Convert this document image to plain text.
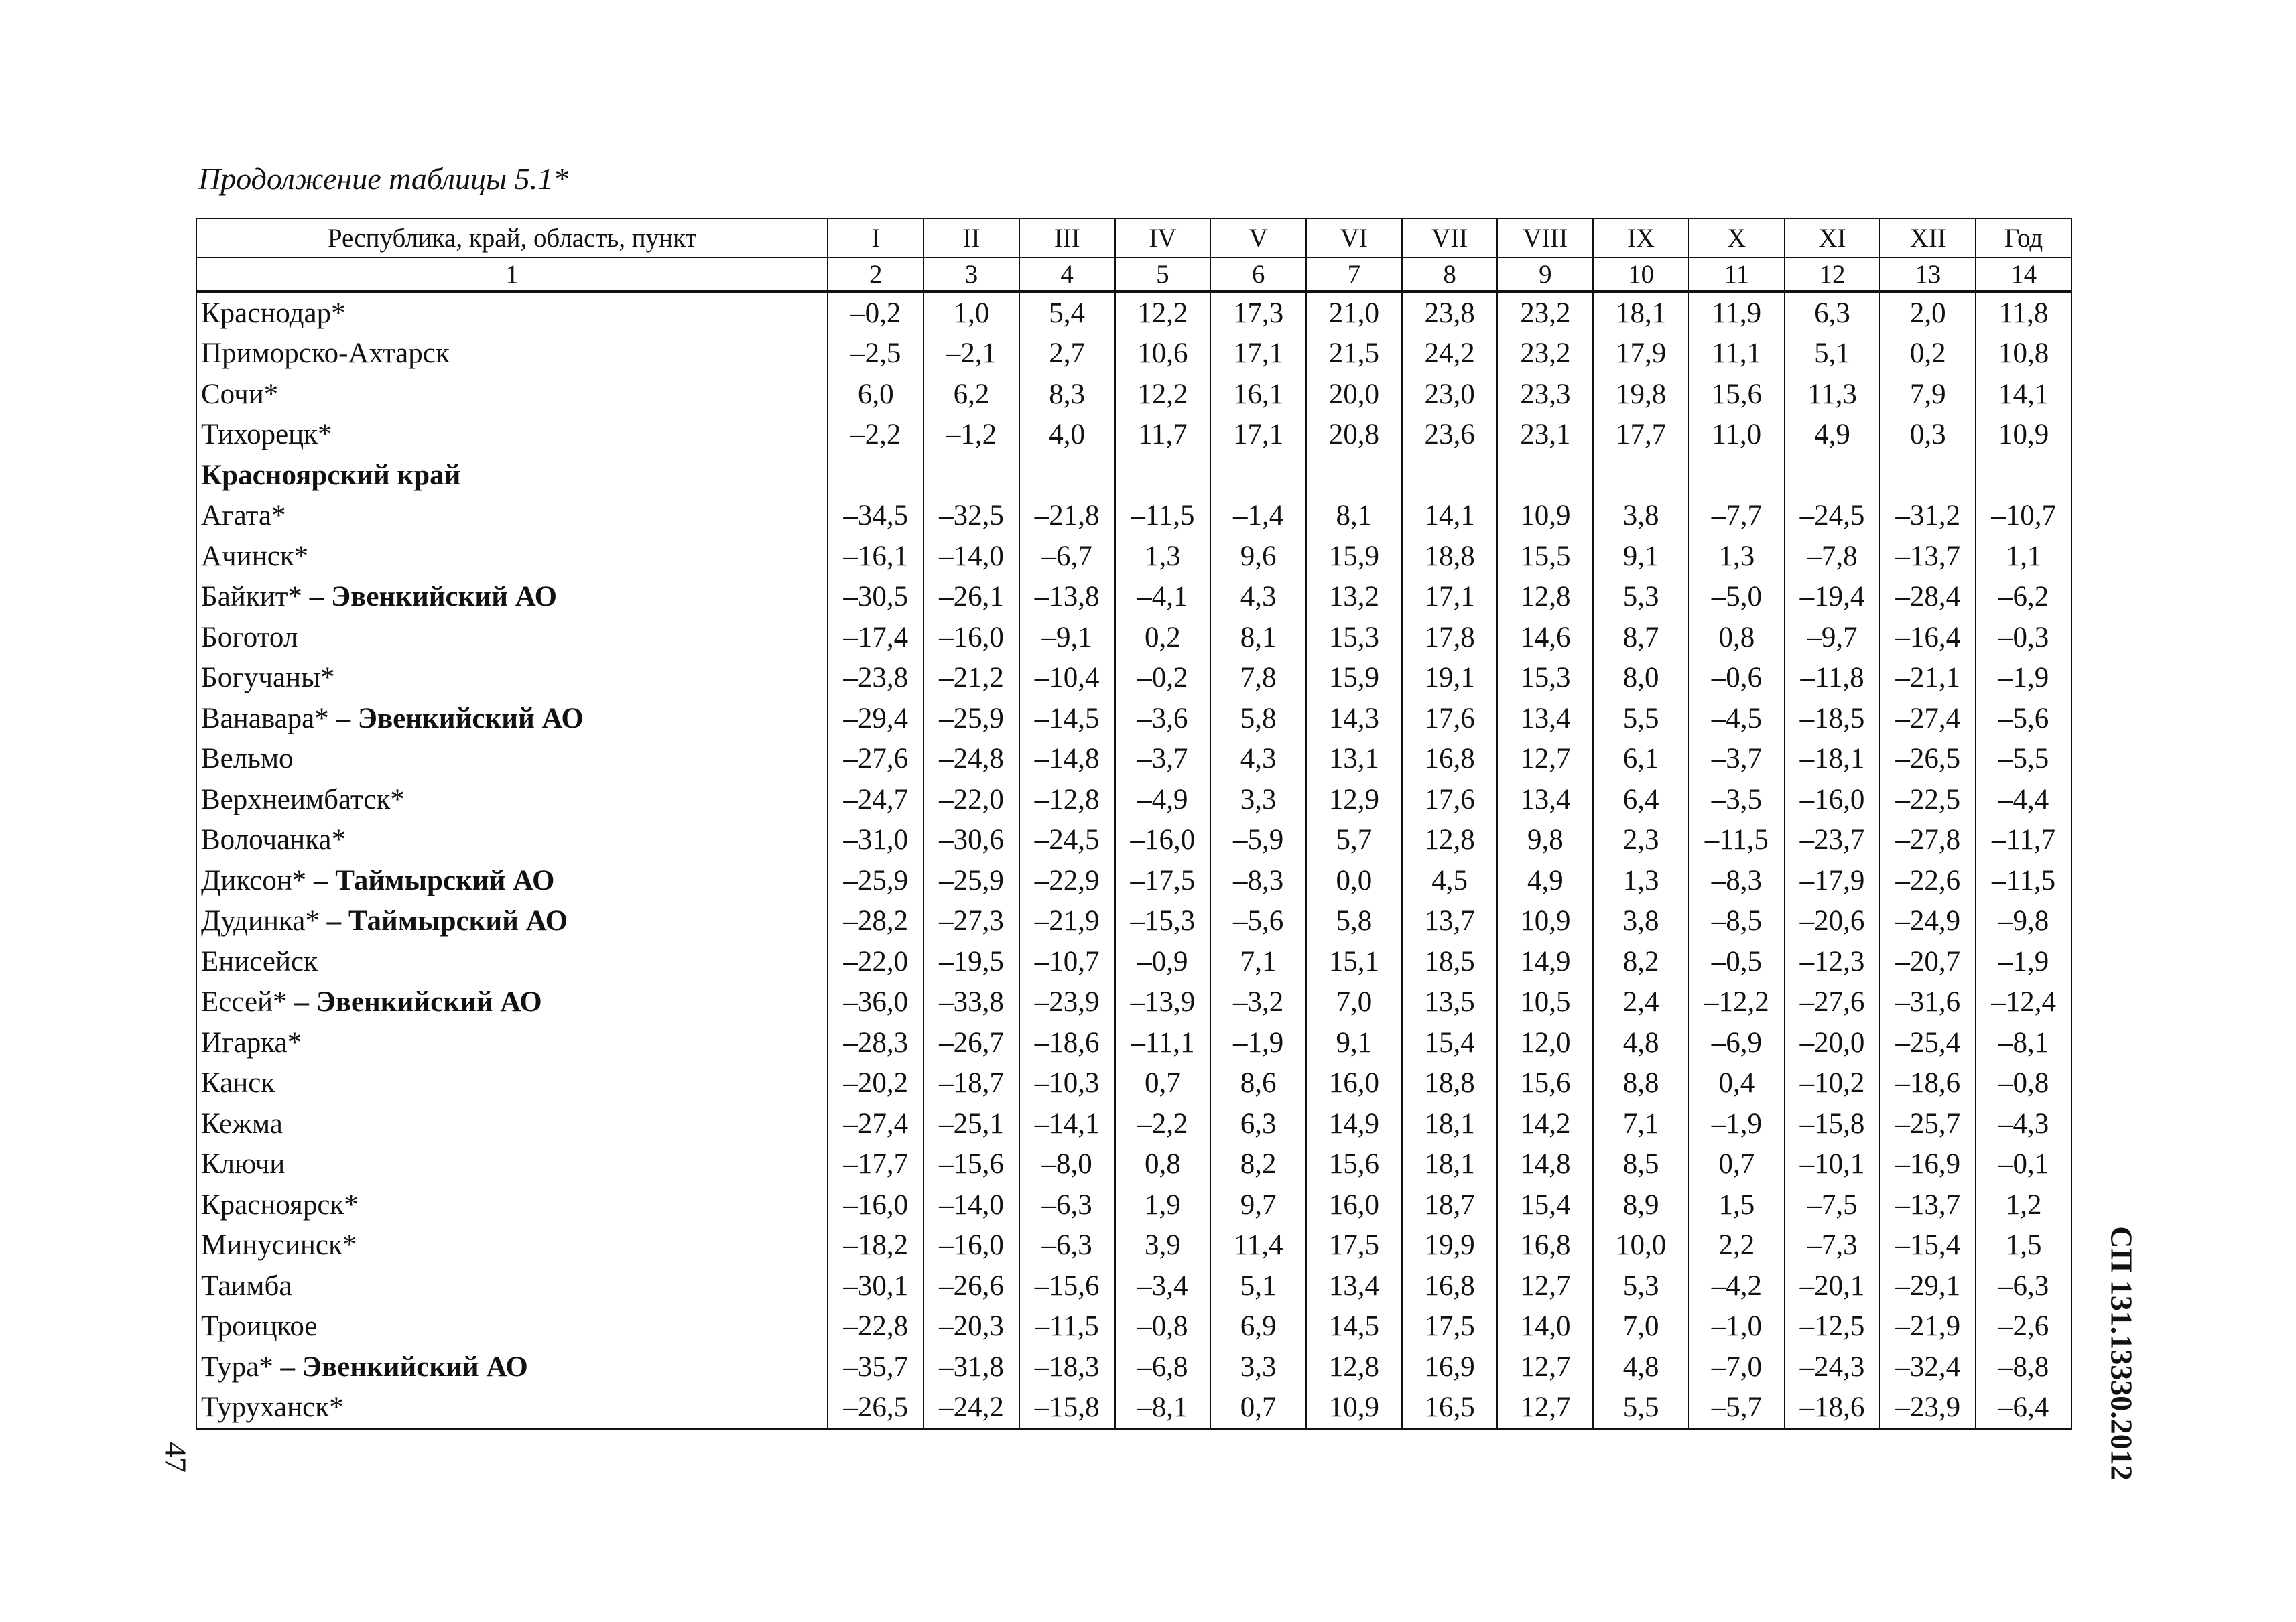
Продолжение таблицы 5.1*

Республика, край, область, пункт	I	II	III	IV	V	VI	VII	VIII	IX	X	XI	XII	Год
1	2	3	4	5	6	7	8	9	10	11	12	13	14
Краснодар*	–0,2	1,0	5,4	12,2	17,3	21,0	23,8	23,2	18,1	11,9	6,3	2,0	11,8
Приморско-Ахтарск	–2,5	–2,1	2,7	10,6	17,1	21,5	24,2	23,2	17,9	11,1	5,1	0,2	10,8
Сочи*	6,0	6,2	8,3	12,2	16,1	20,0	23,0	23,3	19,8	15,6	11,3	7,9	14,1
Тихорецк*	–2,2	–1,2	4,0	11,7	17,1	20,8	23,6	23,1	17,7	11,0	4,9	0,3	10,9
Красноярский край													
Агата*	–34,5	–32,5	–21,8	–11,5	–1,4	8,1	14,1	10,9	3,8	–7,7	–24,5	–31,2	–10,7
Ачинск*	–16,1	–14,0	–6,7	1,3	9,6	15,9	18,8	15,5	9,1	1,3	–7,8	–13,7	1,1
Байкит* – Эвенкийский АО	–30,5	–26,1	–13,8	–4,1	4,3	13,2	17,1	12,8	5,3	–5,0	–19,4	–28,4	–6,2
Боготол	–17,4	–16,0	–9,1	0,2	8,1	15,3	17,8	14,6	8,7	0,8	–9,7	–16,4	–0,3
Богучаны*	–23,8	–21,2	–10,4	–0,2	7,8	15,9	19,1	15,3	8,0	–0,6	–11,8	–21,1	–1,9
Ванавара* – Эвенкийский АО	–29,4	–25,9	–14,5	–3,6	5,8	14,3	17,6	13,4	5,5	–4,5	–18,5	–27,4	–5,6
Вельмо	–27,6	–24,8	–14,8	–3,7	4,3	13,1	16,8	12,7	6,1	–3,7	–18,1	–26,5	–5,5
Верхнеимбатск*	–24,7	–22,0	–12,8	–4,9	3,3	12,9	17,6	13,4	6,4	–3,5	–16,0	–22,5	–4,4
Волочанка*	–31,0	–30,6	–24,5	–16,0	–5,9	5,7	12,8	9,8	2,3	–11,5	–23,7	–27,8	–11,7
Диксон* – Таймырский АО	–25,9	–25,9	–22,9	–17,5	–8,3	0,0	4,5	4,9	1,3	–8,3	–17,9	–22,6	–11,5
Дудинка* – Таймырский АО	–28,2	–27,3	–21,9	–15,3	–5,6	5,8	13,7	10,9	3,8	–8,5	–20,6	–24,9	–9,8
Енисейск	–22,0	–19,5	–10,7	–0,9	7,1	15,1	18,5	14,9	8,2	–0,5	–12,3	–20,7	–1,9
Ессей* – Эвенкийский АО	–36,0	–33,8	–23,9	–13,9	–3,2	7,0	13,5	10,5	2,4	–12,2	–27,6	–31,6	–12,4
Игарка*	–28,3	–26,7	–18,6	–11,1	–1,9	9,1	15,4	12,0	4,8	–6,9	–20,0	–25,4	–8,1
Канск	–20,2	–18,7	–10,3	0,7	8,6	16,0	18,8	15,6	8,8	0,4	–10,2	–18,6	–0,8
Кежма	–27,4	–25,1	–14,1	–2,2	6,3	14,9	18,1	14,2	7,1	–1,9	–15,8	–25,7	–4,3
Ключи	–17,7	–15,6	–8,0	0,8	8,2	15,6	18,1	14,8	8,5	0,7	–10,1	–16,9	–0,1
Красноярск*	–16,0	–14,0	–6,3	1,9	9,7	16,0	18,7	15,4	8,9	1,5	–7,5	–13,7	1,2
Минусинск*	–18,2	–16,0	–6,3	3,9	11,4	17,5	19,9	16,8	10,0	2,2	–7,3	–15,4	1,5
Таимба	–30,1	–26,6	–15,6	–3,4	5,1	13,4	16,8	12,7	5,3	–4,2	–20,1	–29,1	–6,3
Троицкое	–22,8	–20,3	–11,5	–0,8	6,9	14,5	17,5	14,0	7,0	–1,0	–12,5	–21,9	–2,6
Тура* – Эвенкийский АО	–35,7	–31,8	–18,3	–6,8	3,3	12,8	16,9	12,7	4,8	–7,0	–24,3	–32,4	–8,8
Туруханск*	–26,5	–24,2	–15,8	–8,1	0,7	10,9	16,5	12,7	5,5	–5,7	–18,6	–23,9	–6,4 СП 131.13330.2012
47
